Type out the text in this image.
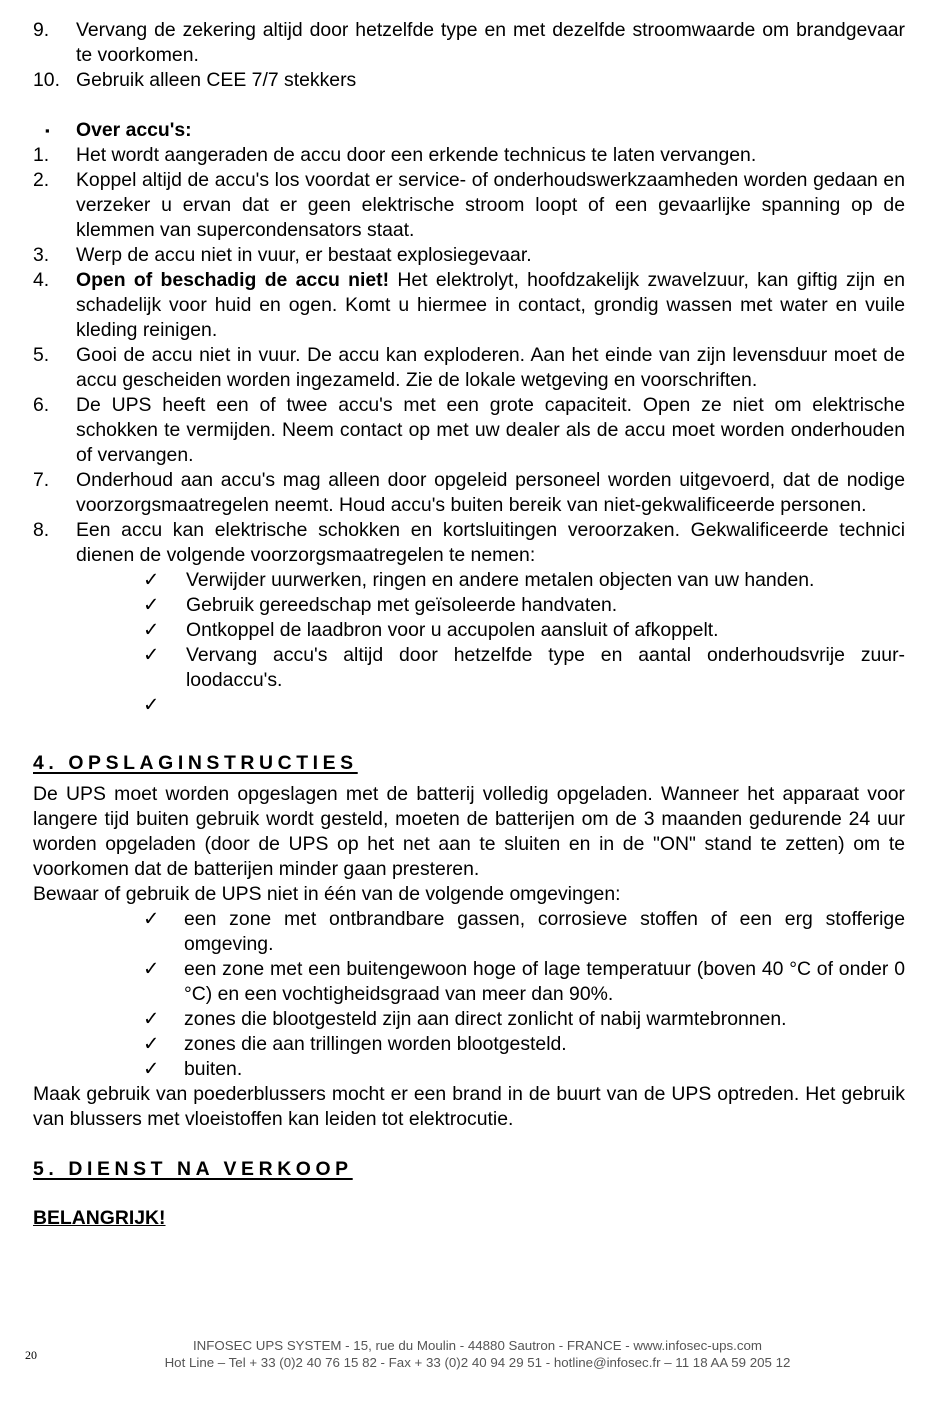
9.	Vervang de zekering altijd door hetzelfde type en met dezelfde stroomwaarde om brandgevaar te voorkomen.
10. Gebruik alleen CEE 7/7 stekkers
▪	Over accu's:
1.	Het wordt aangeraden de accu door een erkende technicus te laten vervangen.
2.	Koppel altijd de accu's los voordat er service- of onderhoudswerkzaamheden worden gedaan en verzeker u ervan dat er geen elektrische stroom loopt of een gevaarlijke spanning op de klemmen van supercondensators staat.
3.	Werp de accu niet in vuur, er bestaat explosiegevaar.
4.	Open of beschadig de accu niet! Het elektrolyt, hoofdzakelijk zwavelzuur, kan giftig zijn en schadelijk voor huid en ogen. Komt u hiermee in contact, grondig wassen met water en vuile kleding reinigen.
5.	Gooi de accu niet in vuur. De accu kan exploderen. Aan het einde van zijn levensduur moet de accu gescheiden worden ingezameld. Zie de lokale wetgeving en voorschriften.
6.	De UPS heeft een of twee accu's met een grote capaciteit. Open ze niet om elektrische schokken te vermijden. Neem contact op met uw dealer als de accu moet worden onderhouden of vervangen.
7.	Onderhoud aan accu's mag alleen door opgeleid personeel worden uitgevoerd, dat de nodige voorzorgsmaatregelen neemt. Houd accu's buiten bereik van niet-gekwalificeerde personen.
8.	Een accu kan elektrische schokken en kortsluitingen veroorzaken. Gekwalificeerde technici dienen de volgende voorzorgsmaatregelen te nemen:
✓	Verwijder uurwerken, ringen en andere metalen objecten van uw handen.
✓	Gebruik gereedschap met geïsoleerde handvaten.
✓	Ontkoppel de laadbron voor u accupolen aansluit of afkoppelt.
✓	Vervang accu's altijd door hetzelfde type en aantal onderhoudsvrije zuur-loodaccu's.
✓
4. OPSLAGINSTRUCTIES
De UPS moet worden opgeslagen met de batterij volledig opgeladen. Wanneer het apparaat voor langere tijd buiten gebruik wordt gesteld, moeten de batterijen om de 3 maanden gedurende 24 uur worden opgeladen (door de UPS op het net aan te sluiten en in de "ON" stand te zetten) om te voorkomen dat de batterijen minder gaan presteren.
Bewaar of gebruik de UPS niet in één van de volgende omgevingen:
✓	een zone met ontbrandbare gassen, corrosieve stoffen of een erg stofferige omgeving.
✓	een zone met een buitengewoon hoge of lage temperatuur (boven 40 °C of onder 0 °C) en een vochtigheidsgraad van meer dan 90%.
✓	zones die blootgesteld zijn aan direct zonlicht of nabij warmtebronnen.
✓	zones die aan trillingen worden blootgesteld.
✓	buiten.
Maak gebruik van poederblussers mocht er een brand in de buurt van de UPS optreden. Het gebruik van blussers met vloeistoffen kan leiden tot elektrocutie.
5. DIENST NA VERKOOP
BELANGRIJK!
20
INFOSEC UPS SYSTEM - 15, rue du Moulin - 44880 Sautron - FRANCE - www.infosec-ups.com
Hot Line – Tel + 33 (0)2 40 76 15 82 - Fax + 33 (0)2 40 94 29 51 - hotline@infosec.fr – 11 18 AA 59 205 12
